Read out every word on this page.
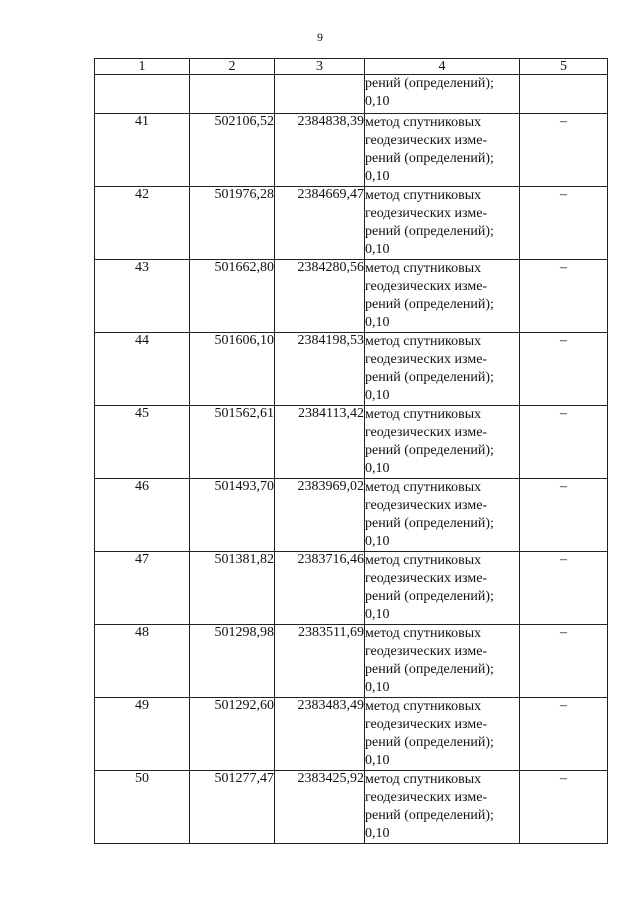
9
1	2	3	4	5

			рений (определений);
0,10	

41	502106,52	2384838,39	метод спутниковых
геодезических изме-
рений (определений);
0,10	–
42	501976,28	2384669,47	метод спутниковых
геодезических изме-
рений (определений);
0,10	–
43	501662,80	2384280,56	метод спутниковых
геодезических изме-
рений (определений);
0,10	–
44	501606,10	2384198,53	метод спутниковых
геодезических изме-
рений (определений);
0,10	–
45	501562,61	2384113,42	метод спутниковых
геодезических изме-
рений (определений);
0,10	–
46	501493,70	2383969,02	метод спутниковых
геодезических изме-
рений (определений);
0,10	–
47	501381,82	2383716,46	метод спутниковых
геодезических изме-
рений (определений);
0,10	–
48	501298,98	2383511,69	метод спутниковых
геодезических изме-
рений (определений);
0,10	–
49	501292,60	2383483,49	метод спутниковых
геодезических изме-
рений (определений);
0,10	–
50	501277,47	2383425,92	метод спутниковых
геодезических изме-
рений (определений);
0,10	–
